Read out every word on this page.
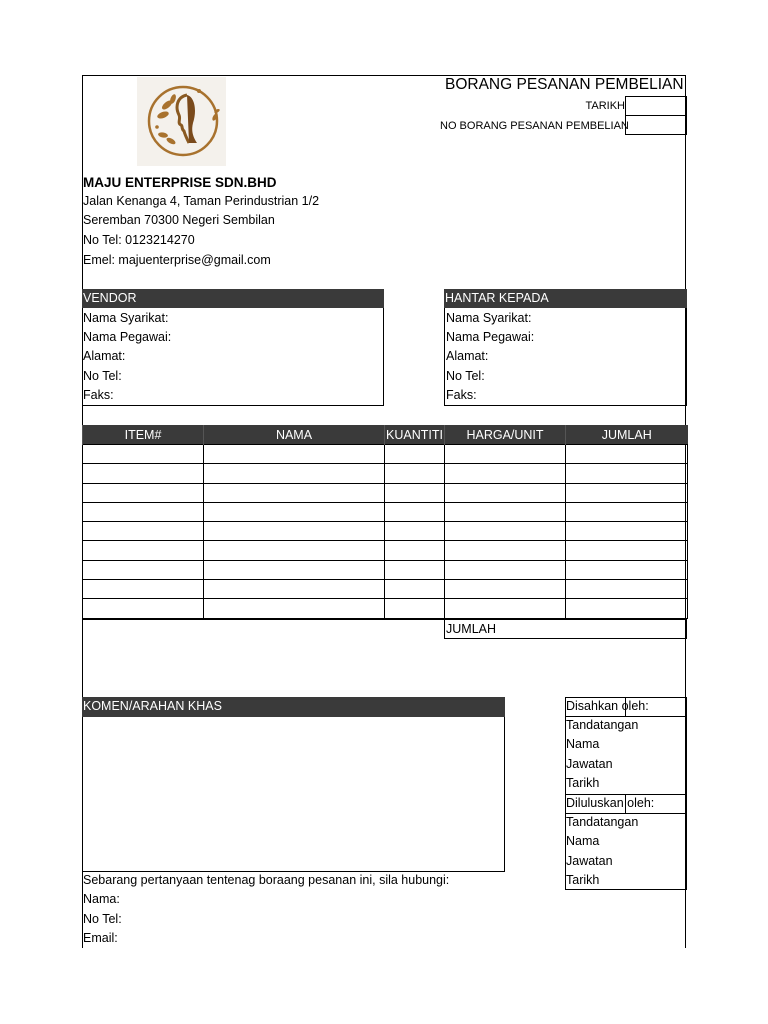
BORANG PESANAN PEMBELIAN
TARIKH
NO BORANG PESANAN PEMBELIAN
MAJU ENTERPRISE SDN.BHD
Jalan Kenanga 4, Taman Perindustrian 1/2
Seremban 70300 Negeri Sembilan
No Tel: 0123214270
Emel: majuenterprise@gmail.com
VENDOR
Nama Syarikat:
Nama Pegawai:
Alamat:
No Tel:
Faks:
HANTAR KEPADA
Nama Syarikat:
Nama Pegawai:
Alamat:
No Tel:
Faks:
ITEM#	NAMA	KUANTITI	HARGA/UNIT	JUMLAH

JUMLAH
KOMEN/ARAHAN KHAS	Disahkan oleh:
Tandatangan
Nama
Jawatan
Tarikh
Diluluskan oleh:
Tandatangan
Nama
Jawatan
Tarikh
Sebarang pertanyaan tentenag boraang pesanan ini, sila hubungi:
Nama:
No Tel:
Email:
